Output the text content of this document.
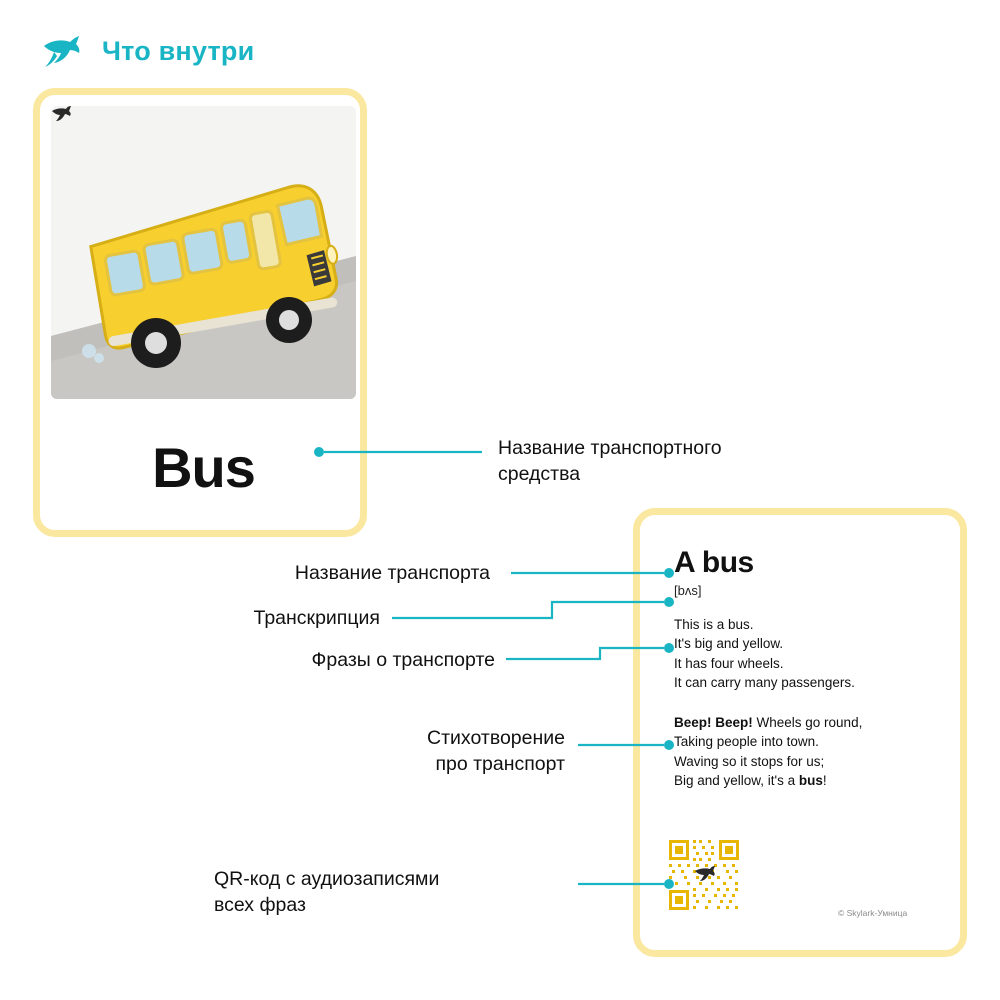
Что внутри
Bus
A bus
[bʌs]
This is a bus.
It's big and yellow.
It has four wheels.
It can carry many passengers.
Beep! Beep! Wheels go round,
Taking people into town.
Waving so it stops for us;
Big and yellow, it's a bus!
© Skylark-Умница
Название транспортного
средства
Название транспорта
Транскрипция
Фразы о транспорте
Стихотворение
про транспорт
QR-код с аудиозаписями
всех фраз
